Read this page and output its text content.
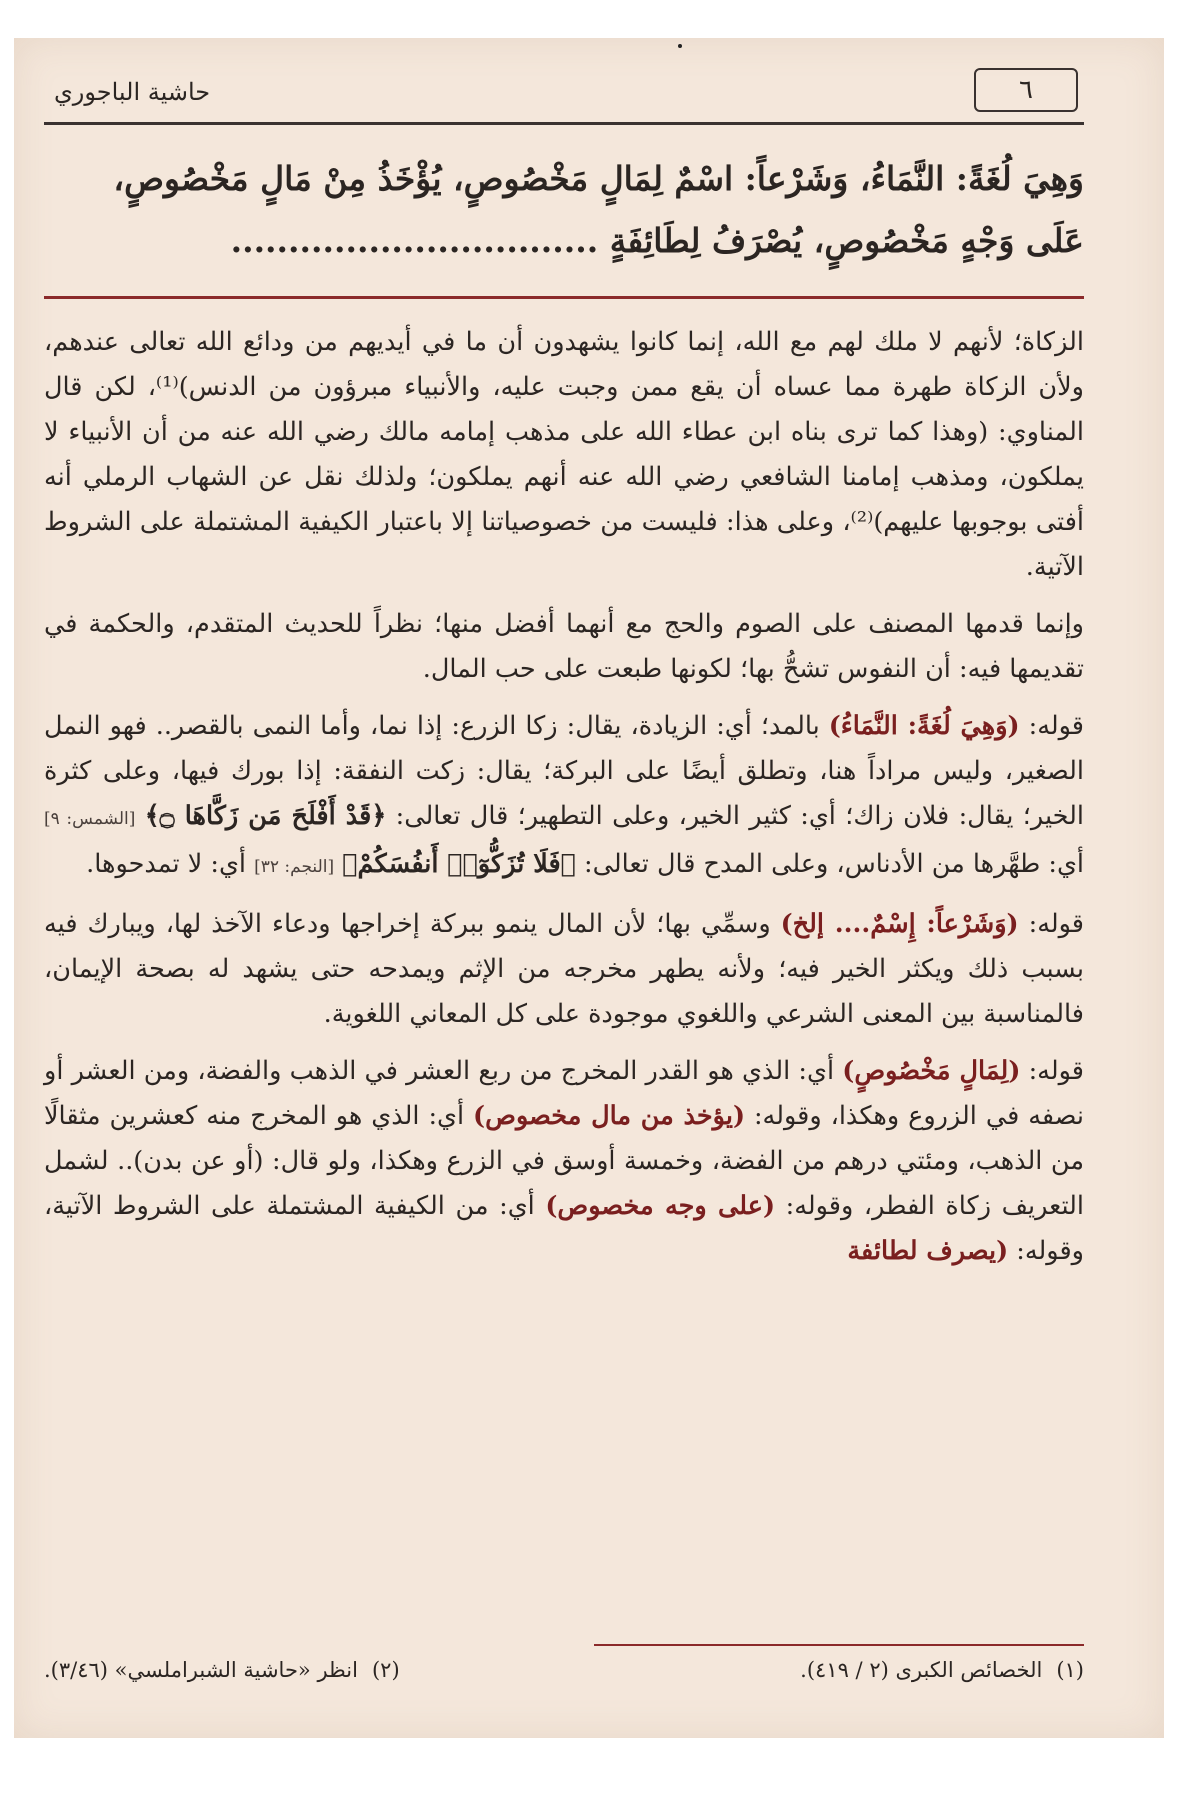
٦
حاشية الباجوري
وَهِيَ لُغَةً: النَّمَاءُ، وَشَرْعاً: اسْمٌ لِمَالٍ مَخْصُوصٍ، يُؤْخَذُ مِنْ مَالٍ مَخْصُوصٍ،
عَلَى وَجْهٍ مَخْصُوصٍ، يُصْرَفُ لِطَائِفَةٍ ................................

الزكاة؛ لأنهم لا ملك لهم مع الله، إنما كانوا يشهدون أن ما في أيديهم من ودائع الله تعالى عندهم، ولأن الزكاة طهرة مما عساه أن يقع ممن وجبت عليه، والأنبياء مبرؤون من الدنس)⁽¹⁾، لكن قال المناوي: (وهذا كما ترى بناه ابن عطاء الله على مذهب إمامه مالك رضي الله عنه من أن الأنبياء لا يملكون، ومذهب إمامنا الشافعي رضي الله عنه أنهم يملكون؛ ولذلك نقل عن الشهاب الرملي أنه أفتى بوجوبها عليهم)⁽²⁾، وعلى هذا: فليست من خصوصياتنا إلا باعتبار الكيفية المشتملة على الشروط الآتية.

وإنما قدمها المصنف على الصوم والحج مع أنهما أفضل منها؛ نظراً للحديث المتقدم، والحكمة في تقديمها فيه: أن النفوس تشحُّ بها؛ لكونها طبعت على حب المال.

قوله: (وَهِيَ لُغَةً: النَّمَاءُ) بالمد؛ أي: الزيادة، يقال: زكا الزرع: إذا نما، وأما النمى بالقصر.. فهو النمل الصغير، وليس مراداً هنا، وتطلق أيضًا على البركة؛ يقال: زكت النفقة: إذا بورك فيها، وعلى كثرة الخير؛ يقال: فلان زاك؛ أي: كثير الخير، وعلى التطهير؛ قال تعالى: ﴿قَدْ أَفْلَحَ مَن زَكَّاهَا ۝﴾ [الشمس: ٩] أي: طهَّرها من الأدناس، وعلى المدح قال تعالى: ﴿فَلَا تُزَكُّوٓا۟ أَنفُسَكُمْ﴾ [النجم: ٣٢] أي: لا تمدحوها.

قوله: (وَشَرْعاً: إِسْمٌ.... إلخ) وسمِّي بها؛ لأن المال ينمو ببركة إخراجها ودعاء الآخذ لها، ويبارك فيه بسبب ذلك ويكثر الخير فيه؛ ولأنه يطهر مخرجه من الإثم ويمدحه حتى يشهد له بصحة الإيمان، فالمناسبة بين المعنى الشرعي واللغوي موجودة على كل المعاني اللغوية.

قوله: (لِمَالٍ مَخْصُوصٍ) أي: الذي هو القدر المخرج من ربع العشر في الذهب والفضة، ومن العشر أو نصفه في الزروع وهكذا، وقوله: (يؤخذ من مال مخصوص) أي: الذي هو المخرج منه كعشرين مثقالًا من الذهب، ومئتي درهم من الفضة، وخمسة أوسق في الزرع وهكذا، ولو قال: (أو عن بدن).. لشمل التعريف زكاة الفطر، وقوله: (على وجه مخصوص) أي: من الكيفية المشتملة على الشروط الآتية، وقوله: (يصرف لطائفة

(١)الخصائص الكبرى (٢ / ٤١٩).
(٢)انظر «حاشية الشبراملسي» (٣/٤٦).
